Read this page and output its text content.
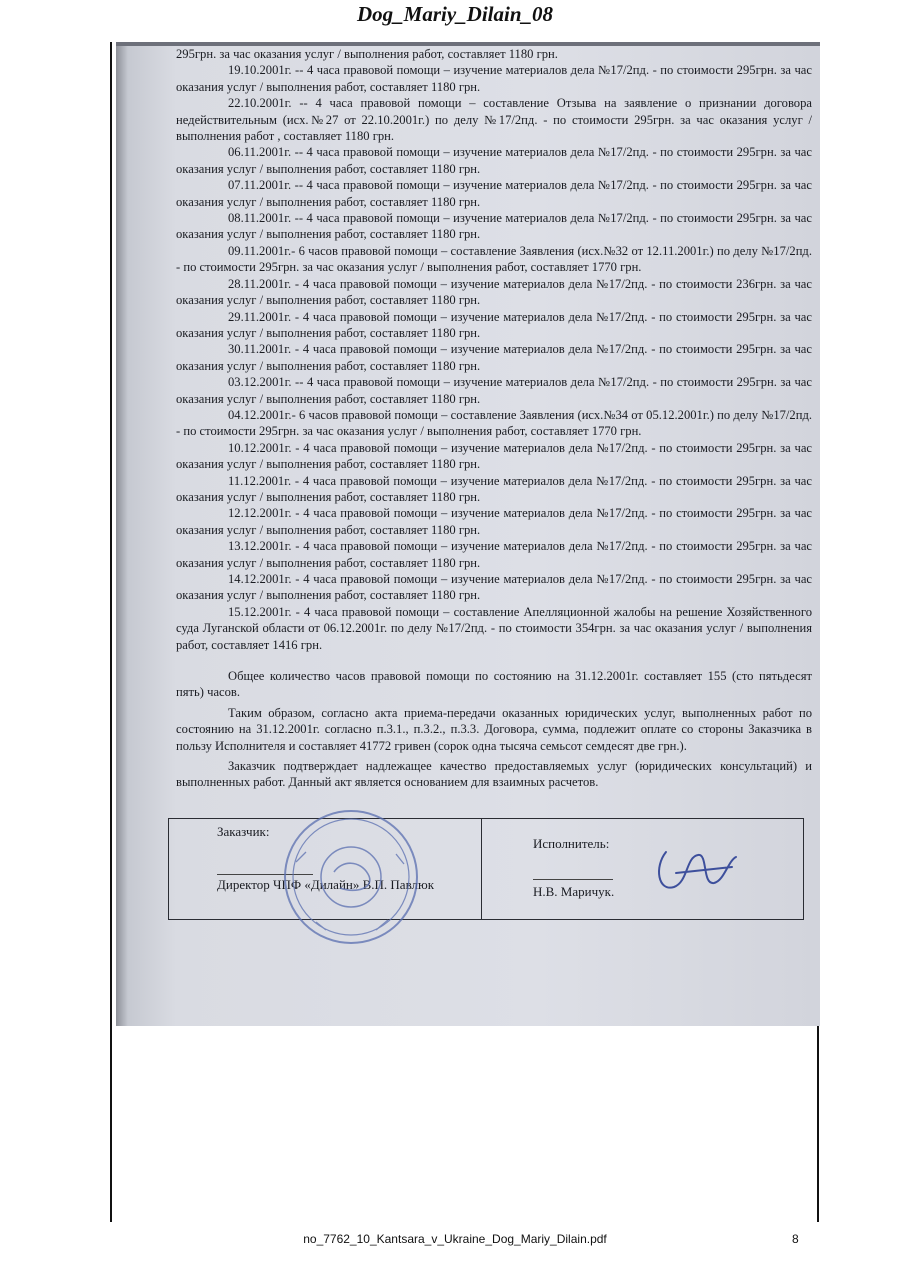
Dog_Mariy_Dilain_08

295грн. за час оказания услуг / выполнения работ, составляет 1180 грн.

19.10.2001г. -- 4 часа правовой помощи – изучение материалов дела №17/2пд. - по стоимости 295грн. за час оказания услуг / выполнения работ, составляет 1180 грн.

22.10.2001г. -- 4 часа правовой помощи – составление Отзыва на заявление о признании договора недействительным (исх.№27 от 22.10.2001г.) по делу №17/2пд. - по стоимости 295грн. за час оказания услуг / выполнения работ , составляет 1180 грн.

06.11.2001г. -- 4 часа правовой помощи – изучение материалов дела №17/2пд. - по стоимости 295грн. за час оказания услуг / выполнения работ, составляет 1180 грн.

07.11.2001г. -- 4 часа правовой помощи – изучение материалов дела №17/2пд. - по стоимости 295грн. за час оказания услуг / выполнения работ, составляет 1180 грн.

08.11.2001г. -- 4 часа правовой помощи – изучение материалов дела №17/2пд. - по стоимости 295грн. за час оказания услуг / выполнения работ, составляет 1180 грн.

09.11.2001г.- 6 часов правовой помощи – составление Заявления (исх.№32 от 12.11.2001г.) по делу №17/2пд. - по стоимости 295грн. за час оказания услуг / выполнения работ, составляет 1770 грн.

28.11.2001г. - 4 часа правовой помощи – изучение материалов дела №17/2пд. - по стоимости 236грн. за час оказания услуг / выполнения работ, составляет 1180 грн.

29.11.2001г. - 4 часа правовой помощи – изучение материалов дела №17/2пд. - по стоимости 295грн. за час оказания услуг / выполнения работ, составляет 1180 грн.

30.11.2001г. - 4 часа правовой помощи – изучение материалов дела №17/2пд. - по стоимости 295грн. за час оказания услуг / выполнения работ, составляет 1180 грн.

03.12.2001г. -- 4 часа правовой помощи – изучение материалов дела №17/2пд. - по стоимости 295грн. за час оказания услуг / выполнения работ, составляет 1180 грн.

04.12.2001г.- 6 часов правовой помощи – составление Заявления (исх.№34 от 05.12.2001г.) по делу №17/2пд. - по стоимости 295грн. за час оказания услуг / выполнения работ, составляет 1770 грн.

10.12.2001г. - 4 часа правовой помощи – изучение материалов дела №17/2пд. - по стоимости 295грн. за час оказания услуг / выполнения работ, составляет 1180 грн.

11.12.2001г. - 4 часа правовой помощи – изучение материалов дела №17/2пд. - по стоимости 295грн. за час оказания услуг / выполнения работ, составляет 1180 грн.

12.12.2001г. - 4 часа правовой помощи – изучение материалов дела №17/2пд. - по стоимости 295грн. за час оказания услуг / выполнения работ, составляет 1180 грн.

13.12.2001г. - 4 часа правовой помощи – изучение материалов дела №17/2пд. - по стоимости 295грн. за час оказания услуг / выполнения работ, составляет 1180 грн.

14.12.2001г. - 4 часа правовой помощи – изучение материалов дела №17/2пд. - по стоимости 295грн. за час оказания услуг / выполнения работ, составляет 1180 грн.

15.12.2001г. - 4 часа правовой помощи – составление Апелляционной жалобы на решение Хозяйственного суда Луганской области от 06.12.2001г. по делу №17/2пд. - по стоимости 354грн. за час оказания услуг / выполнения работ, составляет 1416 грн.

Общее количество часов правовой помощи по состоянию на 31.12.2001г. составляет 155 (сто пятьдесят пять) часов.

Таким образом, согласно акта приема-передачи оказанных юридических услуг, выполненных работ по состоянию на 31.12.2001г. согласно п.3.1., п.3.2., п.3.3. Договора, сумма, подлежит оплате со стороны Заказчика в пользу Исполнителя и составляет 41772 гривен (сорок одна тысяча семьсот семдесят две грн.).

Заказчик подтверждает надлежащее качество предоставляемых услуг (юридических консультаций) и выполненных работ. Данный акт является основанием для взаимных расчетов.

Заказчик:
Директор ЧПФ «Дилайн» В.П. Павлюк
Исполнитель:
Н.В. Маричук.
no_7762_10_Kantsara_v_Ukraine_Dog_Mariy_Dilain.pdf	8
